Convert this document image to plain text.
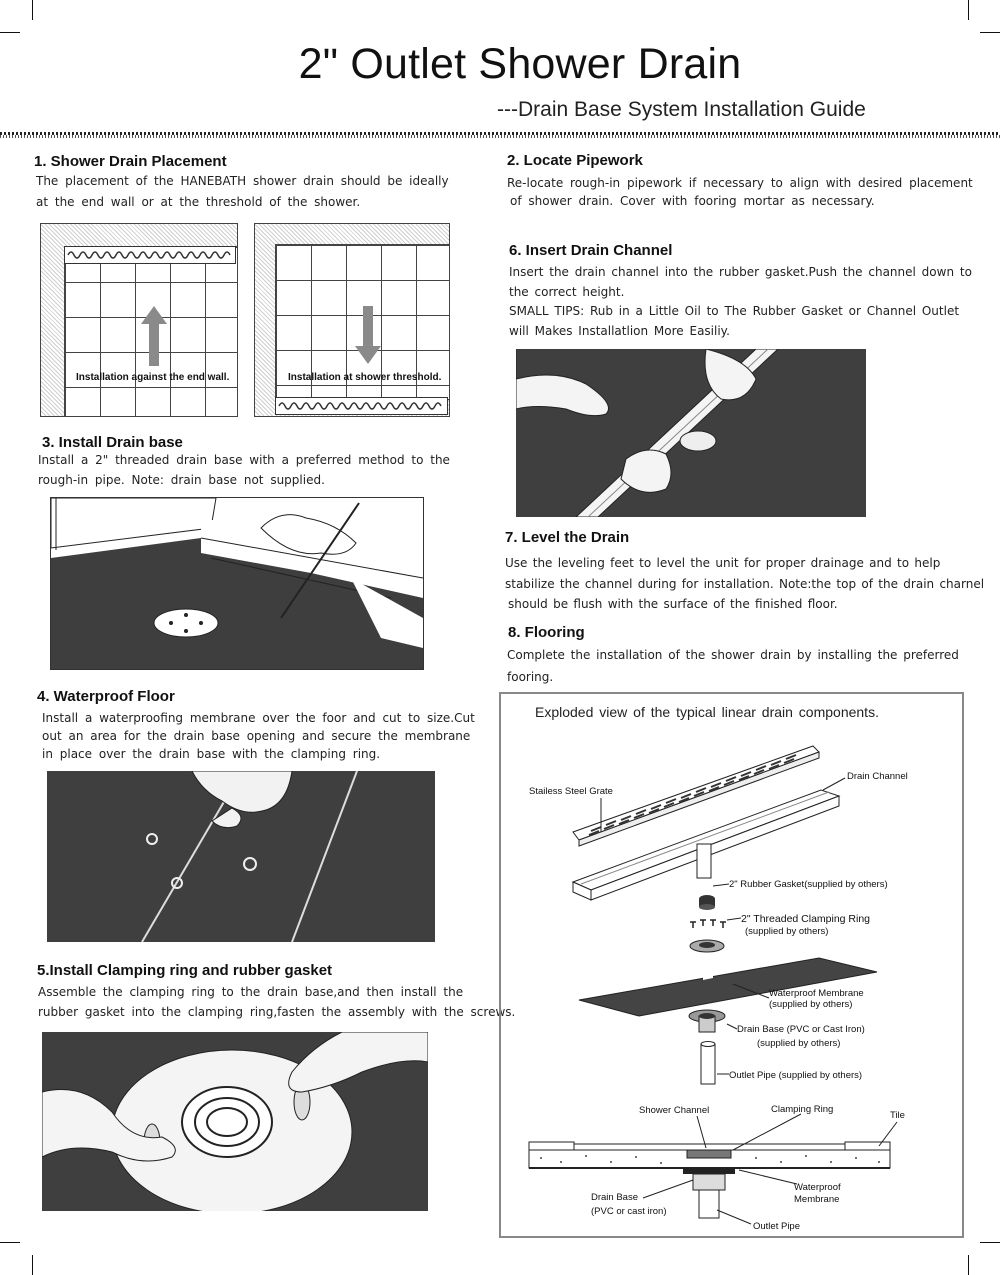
2" Outlet Shower Drain
---Drain Base System Installation Guide
1. Shower Drain Placement
The placement of the HANEBATH shower drain should be ideally
at the end wall or at the threshold of the shower.
Installation against the end wall.	Installation at shower threshold.
3. Install Drain base
Install a 2" threaded drain base with a preferred method to the
rough-in pipe. Note: drain base not supplied.
4. Waterproof Floor
Install a waterproofing membrane over the foor and cut to size.Cut
out an area for the drain base opening and secure the membrane
in place over the drain base with the clamping ring.
5.Install Clamping ring and rubber gasket
Assemble the clamping ring to the drain base,and then install the
rubber gasket into the clamping ring,fasten the assembly with the screws.
2. Locate Pipework
Re-locate rough-in pipework if necessary to align with desired placement
of shower drain. Cover with fooring mortar as necessary.
6. Insert Drain Channel
Insert the drain channel into the rubber gasket.Push the channel down to
the correct height.
SMALL TIPS: Rub in a Little Oil to The Rubber Gasket or Channel Outlet
will Makes Installatlion More Easiliy.
7. Level the Drain
Use the leveling feet to level the unit for proper drainage and to help
stabilize the channel during for installation. Note:the top of the drain charnel
should be flush with the surface of the finished floor.
8. Flooring
Complete the installation of the shower drain by installing the preferred
fooring.
Exploded view of the typical linear drain components.
Stailess Steel Grate
Drain Channel
2" Rubber Gasket(supplied by others)
2" Threaded Clamping Ring
(supplied by others)
Waterproof Membrane
(supplied by others)
Drain Base (PVC or Cast Iron)
(supplied by others)
Outlet Pipe (supplied by others)
Shower Channel	Clamping Ring
Tile
Waterproof
Membrane
Drain Base
(PVC or cast iron)
Outlet Pipe
